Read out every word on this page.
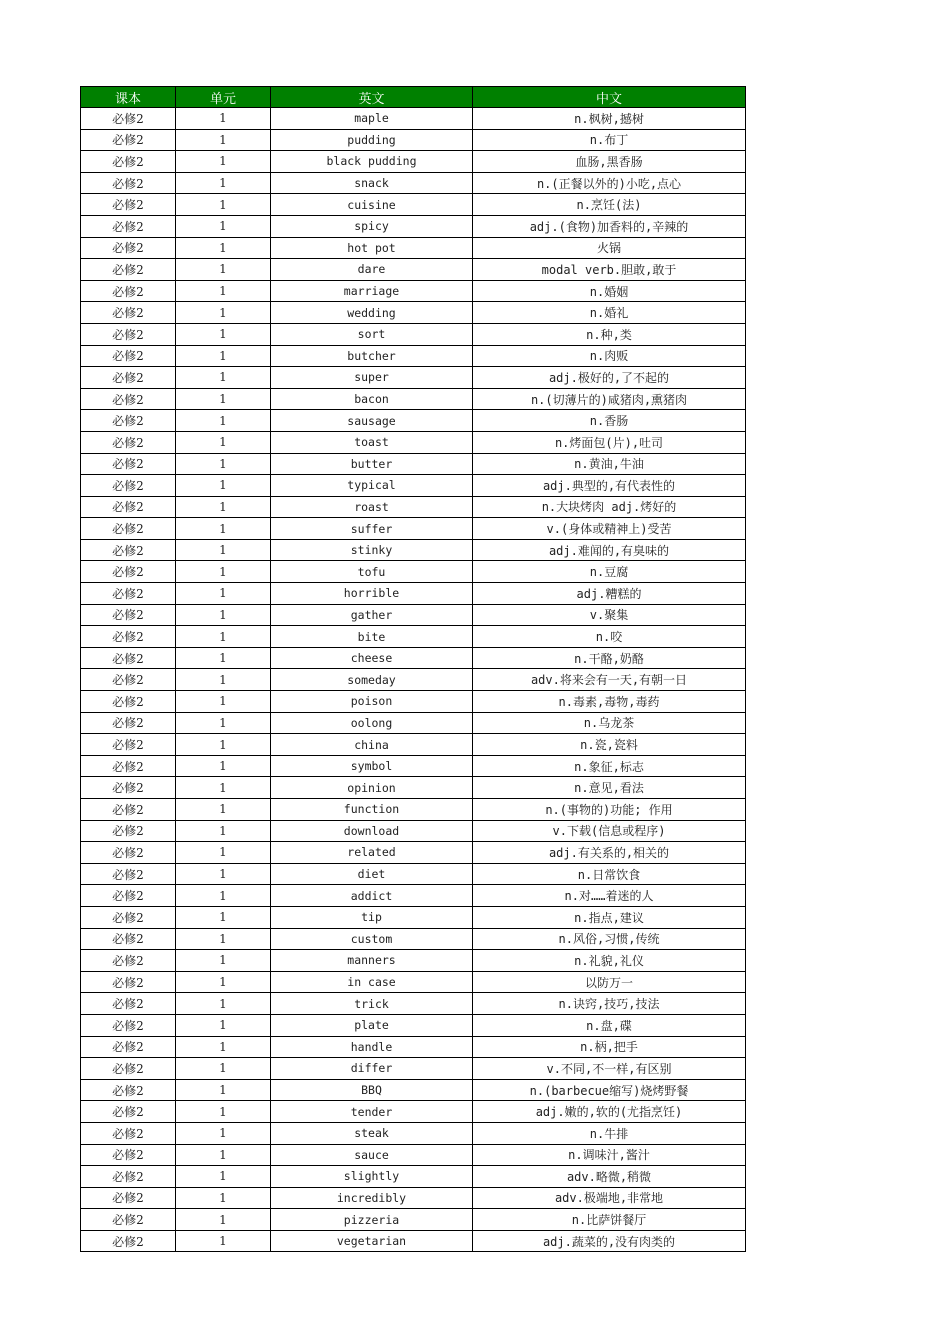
课本	单元	英文	中文
必修2	1	maple	n.枫树,撼树
必修2	1	pudding	n.布丁
必修2	1	black pudding	血肠,黑香肠
必修2	1	snack	n.(正餐以外的)小吃,点心
必修2	1	cuisine	n.烹饪(法)
必修2	1	spicy	adj.(食物)加香料的,辛辣的
必修2	1	hot pot	火锅
必修2	1	dare	modal verb.胆敢,敢于
必修2	1	marriage	n.婚姻
必修2	1	wedding	n.婚礼
必修2	1	sort	n.种,类
必修2	1	butcher	n.肉贩
必修2	1	super	adj.极好的,了不起的
必修2	1	bacon	n.(切薄片的)咸猪肉,熏猪肉
必修2	1	sausage	n.香肠
必修2	1	toast	n.烤面包(片),吐司
必修2	1	butter	n.黄油,牛油
必修2	1	typical	adj.典型的,有代表性的
必修2	1	roast	n.大块烤肉 adj.烤好的
必修2	1	suffer	v.(身体或精神上)受苦
必修2	1	stinky	adj.难闻的,有臭味的
必修2	1	tofu	n.豆腐
必修2	1	horrible	adj.糟糕的
必修2	1	gather	v.聚集
必修2	1	bite	n.咬
必修2	1	cheese	n.干酪,奶酪
必修2	1	someday	adv.将来会有一天,有朝一日
必修2	1	poison	n.毒素,毒物,毒药
必修2	1	oolong	n.乌龙茶
必修2	1	china	n.瓷,瓷料
必修2	1	symbol	n.象征,标志
必修2	1	opinion	n.意见,看法
必修2	1	function	n.(事物的)功能; 作用
必修2	1	download	v.下载(信息或程序)
必修2	1	related	adj.有关系的,相关的
必修2	1	diet	n.日常饮食
必修2	1	addict	n.对……着迷的人
必修2	1	tip	n.指点,建议
必修2	1	custom	n.风俗,习惯,传统
必修2	1	manners	n.礼貌,礼仪
必修2	1	in case	以防万一
必修2	1	trick	n.诀窍,技巧,技法
必修2	1	plate	n.盘,碟
必修2	1	handle	n.柄,把手
必修2	1	differ	v.不同,不一样,有区别
必修2	1	BBQ	n.(barbecue缩写)烧烤野餐
必修2	1	tender	adj.嫩的,软的(尤指烹饪)
必修2	1	steak	n.牛排
必修2	1	sauce	n.调味汁,酱汁
必修2	1	slightly	adv.略微,稍微
必修2	1	incredibly	adv.极端地,非常地
必修2	1	pizzeria	n.比萨饼餐厅
必修2	1	vegetarian	adj.蔬菜的,没有肉类的
